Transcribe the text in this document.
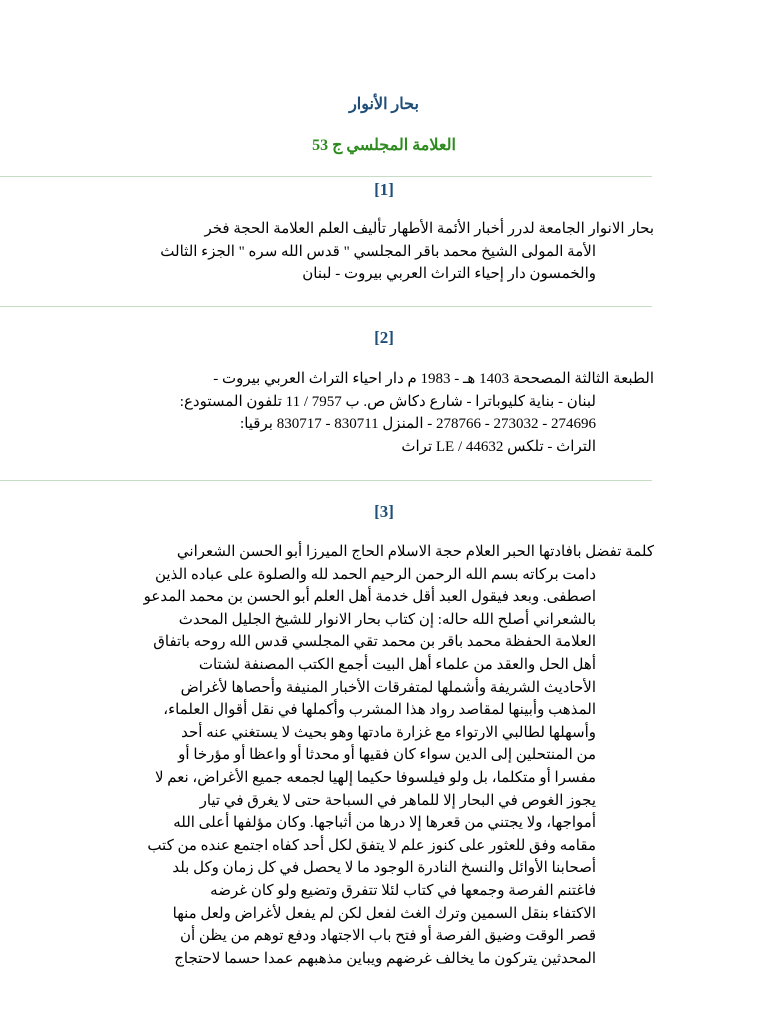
بحار الأنوار
العلامة المجلسي ج 53
[1]
بحار الانوار الجامعة لدرر أخبار الأئمة الأطهار تأليف العلم العلامة الحجة فخر
الأمة المولى الشيخ محمد باقر المجلسي " قدس الله سره " الجزء الثالث
والخمسون دار إحياء التراث العربي بيروت - لبنان
[2]
الطبعة الثالثة المصححة 1403 هـ - 1983 م دار احياء التراث العربي بيروت -
لبنان - بناية كليوباترا - شارع دكاش ص. ب 7957 / 11 تلفون المستودع:
274696 - 273032 - 278766 - المنزل 830711 - 830717 برقيا:
التراث - تلكس LE / 44632 تراث
[3]
كلمة تفضل بافادتها الحبر العلام حجة الاسلام الحاج الميرزا أبو الحسن الشعراني
دامت بركاته بسم الله الرحمن الرحيم الحمد لله والصلوة على عباده الذين
اصطفى. وبعد فيقول العبد أقل خدمة أهل العلم أبو الحسن بن محمد المدعو
بالشعراني أصلح الله حاله: إن كتاب بحار الانوار للشيخ الجليل المحدث
العلامة الحفظة محمد باقر بن محمد تقي المجلسي قدس الله روحه باتفاق
أهل الحل والعقد من علماء أهل البيت أجمع الكتب المصنفة لشتات
الأحاديث الشريفة وأشملها لمتفرقات الأخبار المنيفة وأحصاها لأغراض
المذهب وأبينها لمقاصد رواد هذا المشرب وأكملها في نقل أقوال العلماء،
وأسهلها لطالبي الارتواء مع غزارة مادتها وهو بحيث لا يستغني عنه أحد
من المنتحلين إلى الدين سواء كان فقيها أو محدثا أو واعظا أو مؤرخا أو
مفسرا أو متكلما، بل ولو فيلسوفا حكيما إلهيا لجمعه جميع الأغراض، نعم لا
يجوز الغوص في البحار إلا للماهر في السباحة حتى لا يغرق في تيار
أمواجها، ولا يجتني من قعرها إلا درها من أثباجها. وكان مؤلفها أعلى الله
مقامه وفق للعثور على كنوز علم لا يتفق لكل أحد كفاه اجتمع عنده من كتب
أصحابنا الأوائل والنسخ النادرة الوجود ما لا يحصل في كل زمان وكل بلد
فاغتنم الفرصة وجمعها في كتاب لئلا تتفرق وتضيع ولو كان غرضه
الاكتفاء بنقل السمين وترك الغث لفعل لكن لم يفعل لأغراض ولعل منها
قصر الوقت وضيق الفرصة أو فتح باب الاجتهاد ودفع توهم من يظن أن
المحدثين يتركون ما يخالف غرضهم ويباين مذهبهم عمدا حسما لاحتجاج
